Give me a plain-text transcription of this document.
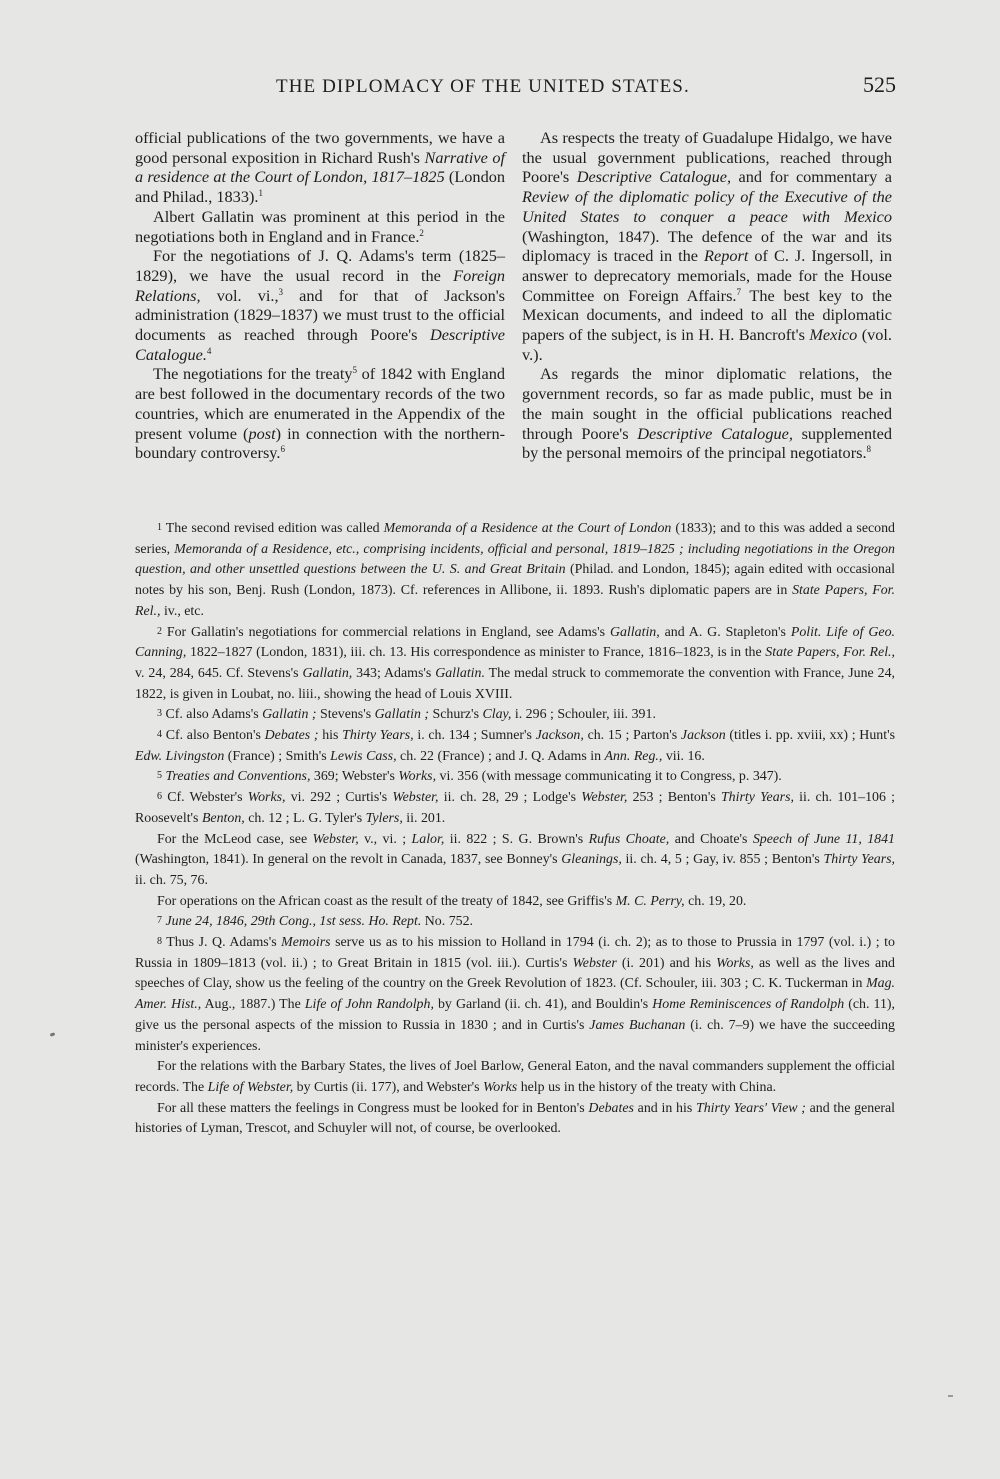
THE DIPLOMACY OF THE UNITED STATES.	525

official publications of the two governments, we have a good personal exposition in Richard Rush's Narrative of a residence at the Court of London, 1817–1825 (London and Philad., 1833).$^1$

Albert Gallatin was prominent at this period in the negotiations both in England and in France.$^2$

For the negotiations of J. Q. Adams's term (1825–1829), we have the usual record in the Foreign Relations, vol. vi.,$^3$ and for that of Jackson's administration (1829–1837) we must trust to the official documents as reached through Poore's Descriptive Catalogue.$^4$

The negotiations for the treaty$^5$ of 1842 with England are best followed in the documentary records of the two countries, which are enumerated in the Appendix of the present volume (post) in connection with the northern-boundary controversy.$^6$

As respects the treaty of Guadalupe Hidalgo, we have the usual government publications, reached through Poore's Descriptive Catalogue, and for commentary a Review of the diplomatic policy of the Executive of the United States to conquer a peace with Mexico (Washington, 1847). The defence of the war and its diplomacy is traced in the Report of C. J. Ingersoll, in answer to deprecatory memorials, made for the House Committee on Foreign Affairs.$^7$ The best key to the Mexican documents, and indeed to all the diplomatic papers of the subject, is in H. H. Bancroft's Mexico (vol. v.).

As regards the minor diplomatic relations, the government records, so far as made public, must be in the main sought in the official publications reached through Poore's Descriptive Catalogue, supplemented by the personal memoirs of the principal negotiators.$^8$

1 The second revised edition was called Memoranda of a Residence at the Court of London (1833); and to this was added a second series, Memoranda of a Residence, etc., comprising incidents, official and personal, 1819–1825 ; including negotiations in the Oregon question, and other unsettled questions between the U. S. and Great Britain (Philad. and London, 1845); again edited with occasional notes by his son, Benj. Rush (London, 1873). Cf. references in Allibone, ii. 1893. Rush's diplomatic papers are in State Papers, For. Rel., iv., etc.

2 For Gallatin's negotiations for commercial relations in England, see Adams's Gallatin, and A. G. Stapleton's Polit. Life of Geo. Canning, 1822–1827 (London, 1831), iii. ch. 13. His correspondence as minister to France, 1816–1823, is in the State Papers, For. Rel., v. 24, 284, 645. Cf. Stevens's Gallatin, 343; Adams's Gallatin. The medal struck to commemorate the convention with France, June 24, 1822, is given in Loubat, no. liii., showing the head of Louis XVIII.

3 Cf. also Adams's Gallatin ; Stevens's Gallatin ; Schurz's Clay, i. 296 ; Schouler, iii. 391.

4 Cf. also Benton's Debates ; his Thirty Years, i. ch. 134 ; Sumner's Jackson, ch. 15 ; Parton's Jackson (titles i. pp. xviii, xx) ; Hunt's Edw. Livingston (France) ; Smith's Lewis Cass, ch. 22 (France) ; and J. Q. Adams in Ann. Reg., vii. 16.

5 Treaties and Conventions, 369; Webster's Works, vi. 356 (with message communicating it to Congress, p. 347).

6 Cf. Webster's Works, vi. 292 ; Curtis's Webster, ii. ch. 28, 29 ; Lodge's Webster, 253 ; Benton's Thirty Years, ii. ch. 101–106 ; Roosevelt's Benton, ch. 12 ; L. G. Tyler's Tylers, ii. 201.

For the McLeod case, see Webster, v., vi. ; Lalor, ii. 822 ; S. G. Brown's Rufus Choate, and Choate's Speech of June 11, 1841 (Washington, 1841). In general on the revolt in Canada, 1837, see Bonney's Gleanings, ii. ch. 4, 5 ; Gay, iv. 855 ; Benton's Thirty Years, ii. ch. 75, 76.

For operations on the African coast as the result of the treaty of 1842, see Griffis's M. C. Perry, ch. 19, 20.

7 June 24, 1846, 29th Cong., 1st sess. Ho. Rept. No. 752.

8 Thus J. Q. Adams's Memoirs serve us as to his mission to Holland in 1794 (i. ch. 2); as to those to Prussia in 1797 (vol. i.) ; to Russia in 1809–1813 (vol. ii.) ; to Great Britain in 1815 (vol. iii.). Curtis's Webster (i. 201) and his Works, as well as the lives and speeches of Clay, show us the feeling of the country on the Greek Revolution of 1823. (Cf. Schouler, iii. 303 ; C. K. Tuckerman in Mag. Amer. Hist., Aug., 1887.) The Life of John Randolph, by Garland (ii. ch. 41), and Bouldin's Home Reminiscences of Randolph (ch. 11), give us the personal aspects of the mission to Russia in 1830 ; and in Curtis's James Buchanan (i. ch. 7–9) we have the succeeding minister's experiences.

For the relations with the Barbary States, the lives of Joel Barlow, General Eaton, and the naval commanders supplement the official records. The Life of Webster, by Curtis (ii. 177), and Webster's Works help us in the history of the treaty with China.

For all these matters the feelings in Congress must be looked for in Benton's Debates and in his Thirty Years' View ; and the general histories of Lyman, Trescot, and Schuyler will not, of course, be overlooked.
